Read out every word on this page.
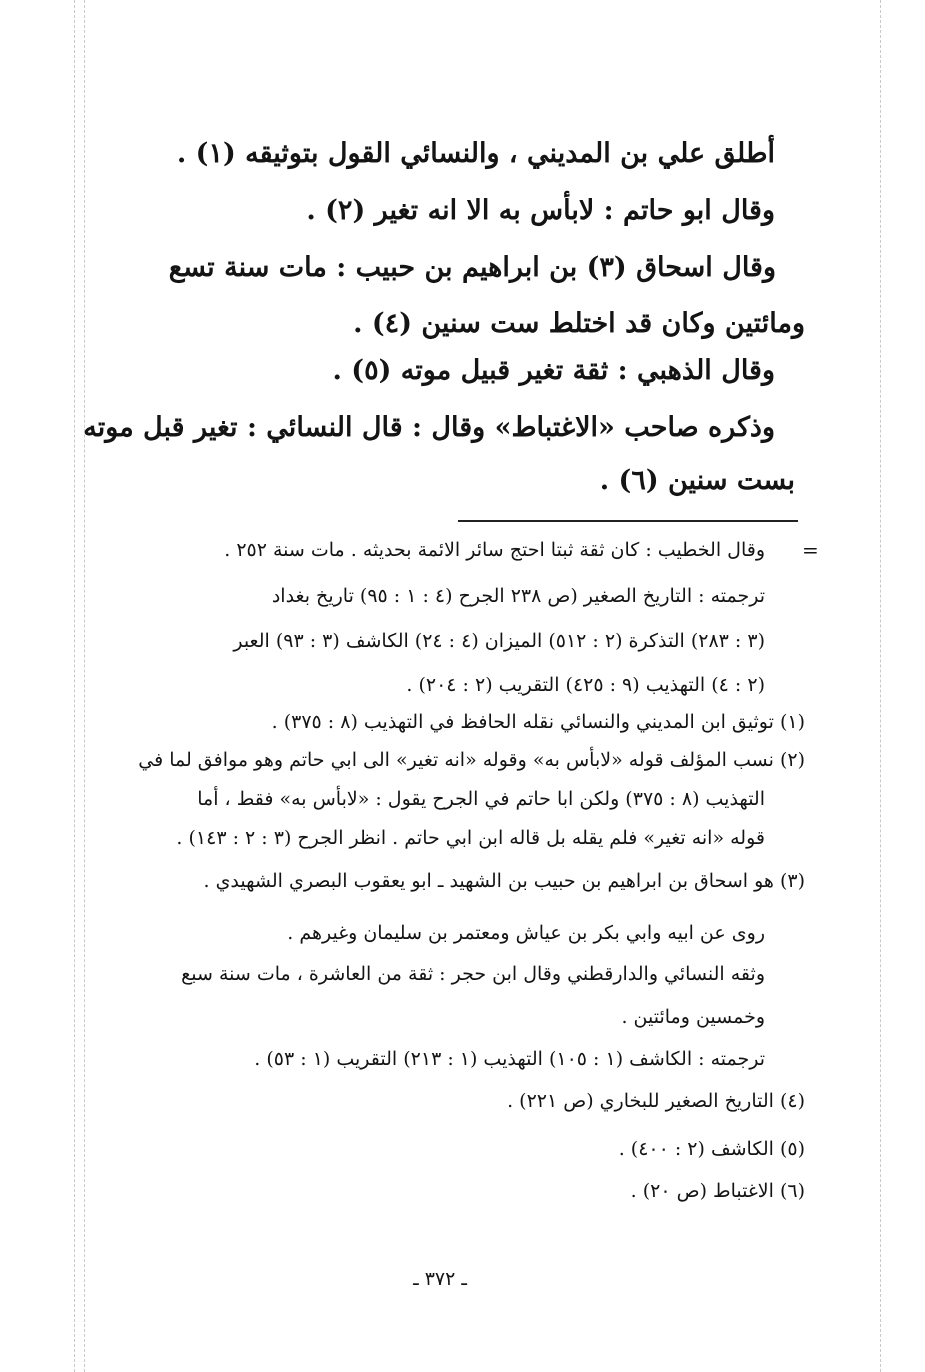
أطلق علي بن المديني ، والنسائي القول بتوثيقه (١) .

وقال ابو حاتم : لابأس به الا انه تغير (٢) .

وقال اسحاق (٣) بن ابراهيم بن حبيب : مات سنة تسع

ومائتين وكان قد اختلط ست سنين (٤) .

وقال الذهبي : ثقة تغير قبيل موته (٥) .

وذكره صاحب «الاغتباط» وقال : قال النسائي : تغير قبل موته

بست سنين (٦) .

=

وقال الخطيب : كان ثقة ثبتا احتج سائر الائمة بحديثه . مات سنة ٢٥٢ .

ترجمته : التاريخ الصغير (ص ٢٣٨ الجرح (٤ : ١ : ٩٥) تاريخ بغداد

(٣ : ٢٨٣) التذكرة (٢ : ٥١٢) الميزان (٤ : ٢٤) الكاشف (٣ : ٩٣) العبر

(٢ : ٤) التهذيب (٩ : ٤٢٥) التقريب (٢ : ٢٠٤) .

(١) توثيق ابن المديني والنسائي نقله الحافظ في التهذيب (٨ : ٣٧٥) .

(٢) نسب المؤلف قوله «لابأس به» وقوله «انه تغير» الى ابي حاتم وهو موافق لما في

التهذيب (٨ : ٣٧٥) ولكن ابا حاتم في الجرح يقول : «لابأس به» فقط ، أما

قوله «انه تغير» فلم يقله بل قاله ابن ابي حاتم . انظر الجرح (٣ : ٢ : ١٤٣) .

(٣) هو اسحاق بن ابراهيم بن حبيب بن الشهيد ـ ابو يعقوب البصري الشهيدي .

روى عن ابيه وابي بكر بن عياش ومعتمر بن سليمان وغيرهم .

وثقه النسائي والدارقطني وقال ابن حجر : ثقة من العاشرة ، مات سنة سبع

وخمسين ومائتين .

ترجمته : الكاشف (١ : ١٠٥) التهذيب (١ : ٢١٣) التقريب (١ : ٥٣) .

(٤) التاريخ الصغير للبخاري (ص ٢٢١) .

(٥) الكاشف (٢ : ٤٠٠) .

(٦) الاغتباط (ص ٢٠) .

ـ ٣٧٢ ـ
